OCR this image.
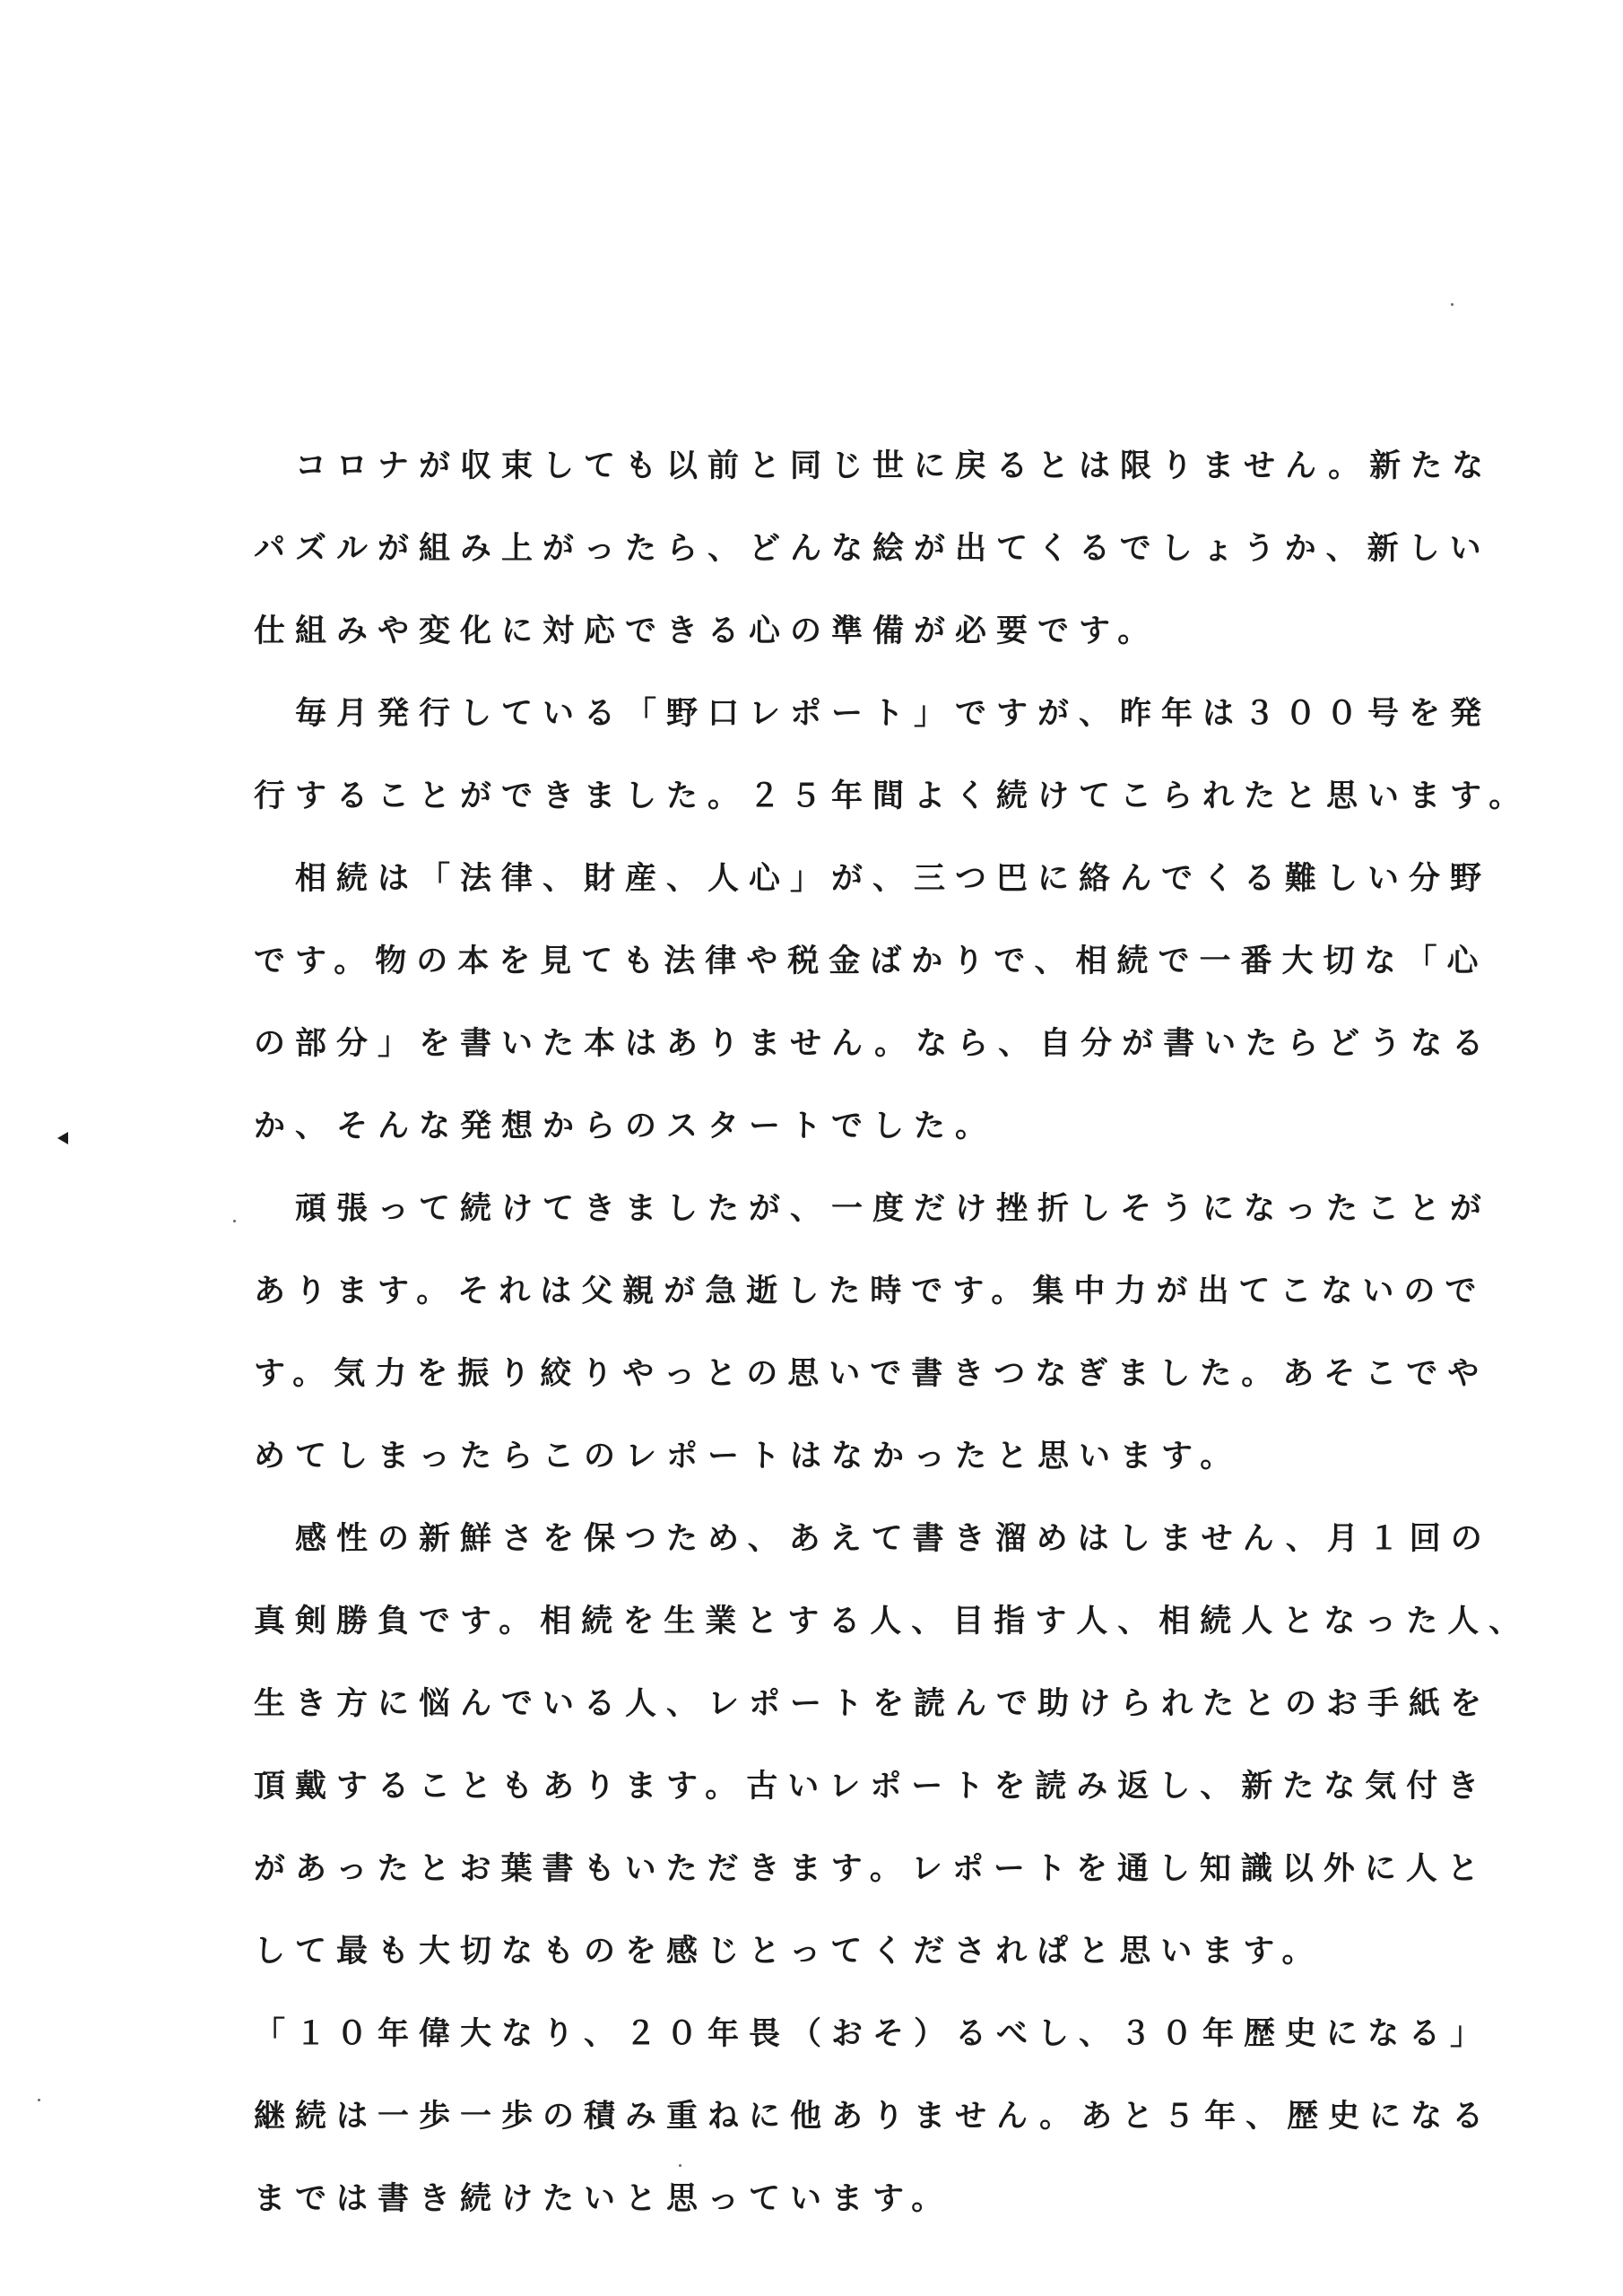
　コロナが収束しても以前と同じ世に戻るとは限りません。新たな
パズルが組み上がったら、どんな絵が出てくるでしょうか、新しい
仕組みや変化に対応できる心の準備が必要です。
　毎月発行している「野口レポート」ですが、昨年は３００号を発
行することができました。２５年間よく続けてこられたと思います。
　相続は「法律、財産、人心」が、三つ巴に絡んでくる難しい分野
です。物の本を見ても法律や税金ばかりで、相続で一番大切な「心
の部分」を書いた本はありません。なら、自分が書いたらどうなる
か、そんな発想からのスタートでした。
　頑張って続けてきましたが、一度だけ挫折しそうになったことが
あります。それは父親が急逝した時です。集中力が出てこないので
す。気力を振り絞りやっとの思いで書きつなぎました。あそこでや
めてしまったらこのレポートはなかったと思います。
　感性の新鮮さを保つため、あえて書き溜めはしません、月１回の
真剣勝負です。相続を生業とする人、目指す人、相続人となった人、
生き方に悩んでいる人、レポートを読んで助けられたとのお手紙を
頂戴することもあります。古いレポートを読み返し、新たな気付き
があったとお葉書もいただきます。レポートを通し知識以外に人と
して最も大切なものを感じとってくだされぱと思います。
「１０年偉大なり、２０年畏（おそ）るべし、３０年歴史になる」
継続は一歩一歩の積み重ねに他ありません。あと５年、歴史になる
までは書き続けたいと思っています。
